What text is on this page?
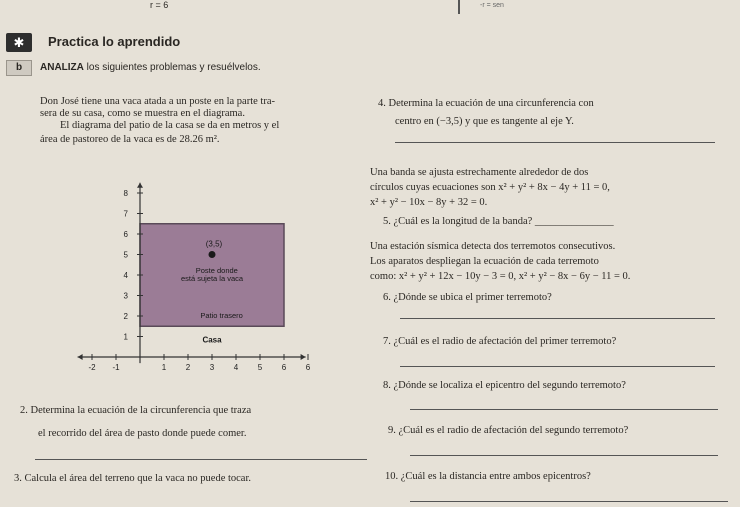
r = 6	-r = sen
✱	Practica lo aprendido
b	ANALIZA los siguientes problemas y resuélvelos.
Don José tiene una vaca atada a un poste en la parte tra-
sera de su casa, como se muestra en el diagrama.
El diagrama del patio de la casa se da en metros y el
área de pastoreo de la vaca es de 28.26 m².
-2 -1	1 2 3 4 5 6 6
8
7
6
5
4
3
2
1
(3,5)
Poste donde
está sujeta la vaca
Patio trasero
Casa
4. Determina la ecuación de una circunferencia con
centro en (−3,5) y que es tangente al eje Y.
Una banda se ajusta estrechamente alrededor de dos
círculos cuyas ecuaciones son x² + y² + 8x − 4y + 11 = 0,
x² + y² − 10x − 8y + 32 = 0.
5. ¿Cuál es la longitud de la banda? _______________
Una estación sísmica detecta dos terremotos consecutivos.
Los aparatos despliegan la ecuación de cada terremoto
como: x² + y² + 12x − 10y − 3 = 0, x² + y² − 8x − 6y − 11 = 0.
6. ¿Dónde se ubica el primer terremoto?
7. ¿Cuál es el radio de afectación del primer terremoto?
8. ¿Dónde se localiza el epicentro del segundo terremoto?
9. ¿Cuál es el radio de afectación del segundo terremoto?
10. ¿Cuál es la distancia entre ambos epicentros?
2. Determina la ecuación de la circunferencia que traza
el recorrido del área de pasto donde puede comer.
3. Calcula el área del terreno que la vaca no puede tocar.
